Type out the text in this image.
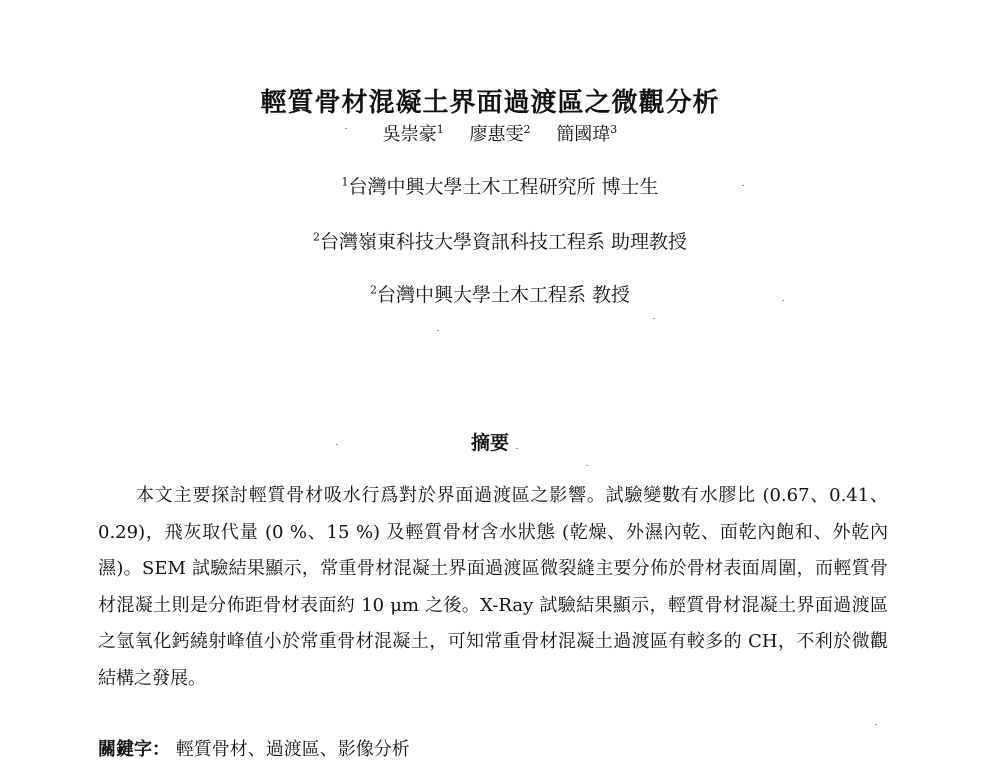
輕質骨材混凝土界面過渡區之微觀分析
吳崇豪$^1$ 廖惠雯$^2$ 簡國瑋$^3$
$^1$台灣中興大學土木工程研究所 博士生
$^2$台灣嶺東科技大學資訊科技工程系 助理教授
$^2$台灣中興大學土木工程系 教授
摘要

本文主要探討輕質骨材吸水行爲對於界面過渡區之影響。試驗變數有水膠比 (0.67、0.41、0.29)，飛灰取代量 (0 %、15 %) 及輕質骨材含水狀態 (乾燥、外濕內乾、面乾內飽和、外乾內濕)。SEM 試驗結果顯示，常重骨材混凝土界面過渡區微裂縫主要分佈於骨材表面周圍，而輕質骨材混凝土則是分佈距骨材表面約 10 μm 之後。X-Ray 試驗結果顯示，輕質骨材混凝土界面過渡區之氫氧化鈣繞射峰值小於常重骨材混凝土，可知常重骨材混凝土過渡區有較多的 CH，不利於微觀結構之發展。

關鍵字： 輕質骨材、過渡區、影像分析
